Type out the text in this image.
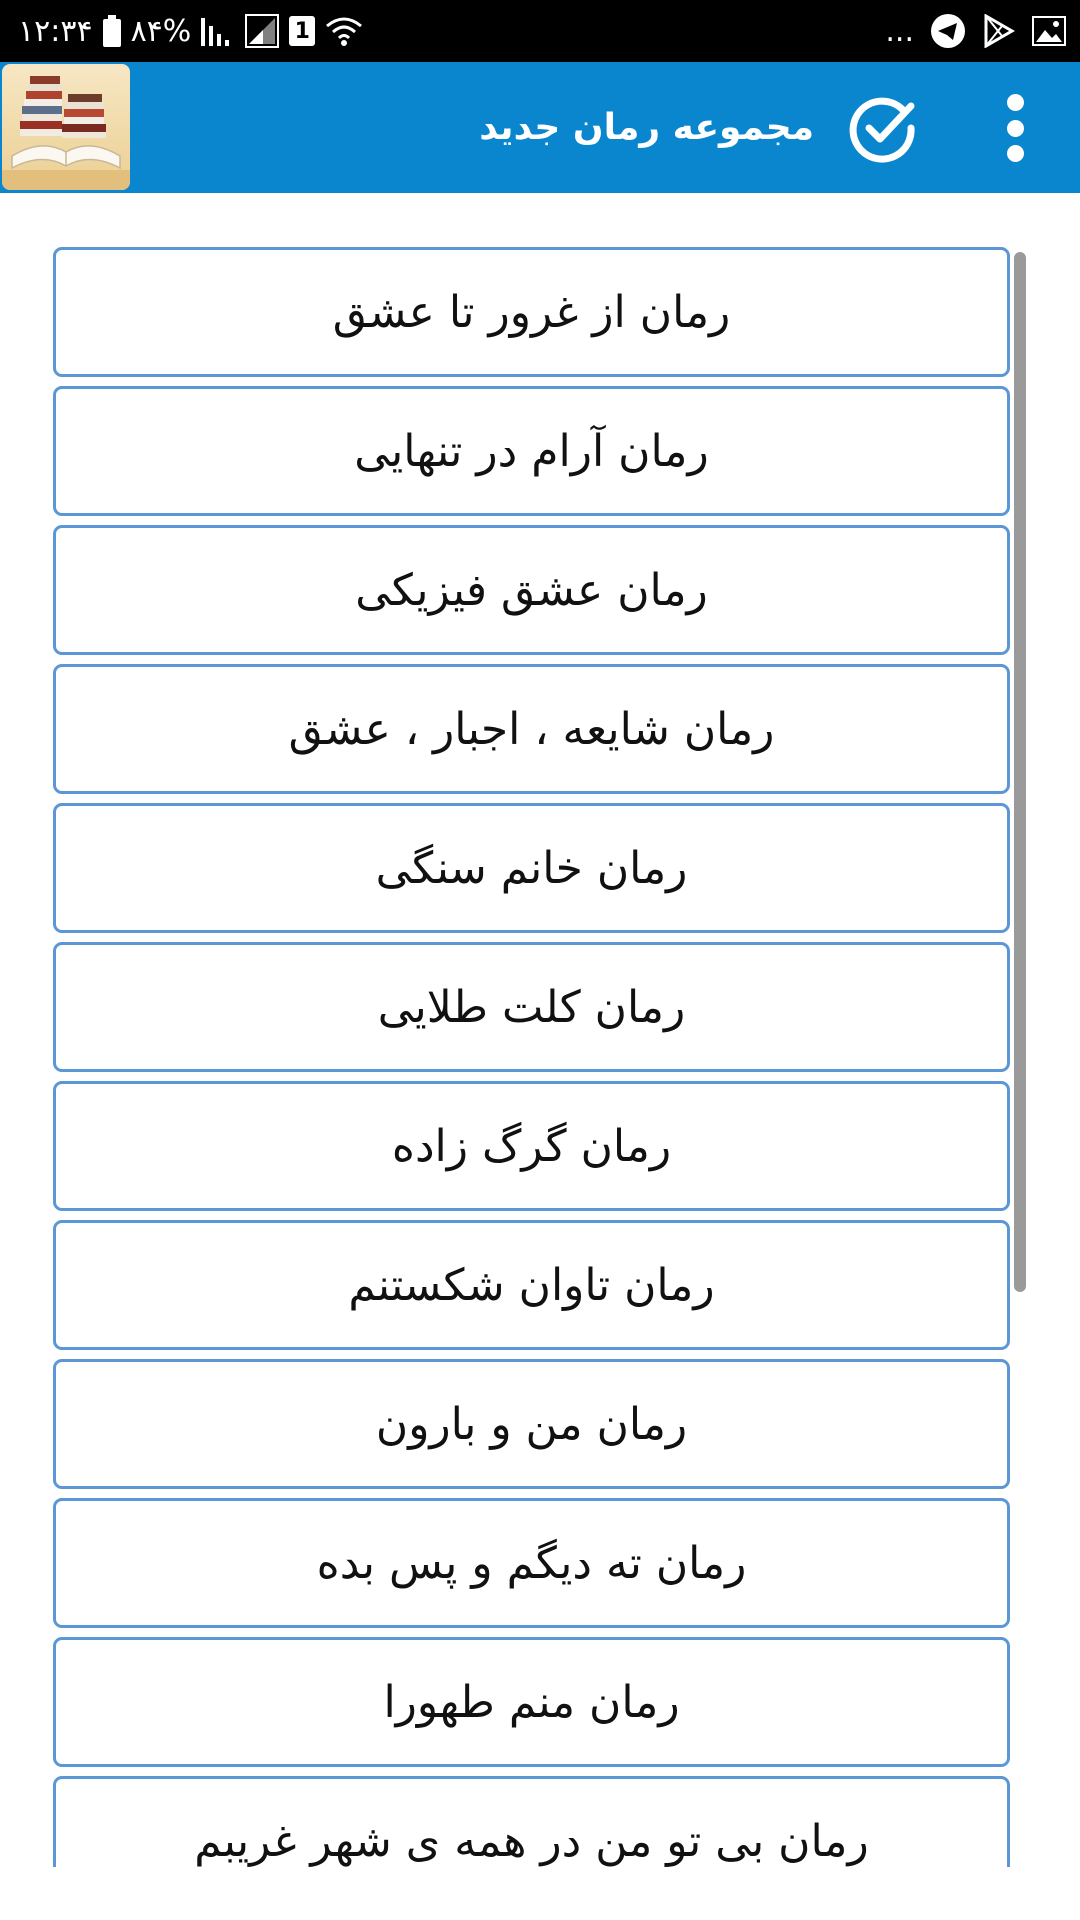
۱۲:۳۴ ۸۴%	1	...
مجموعه رمان جدید
رمان از غرور تا عشق
رمان آرام در تنهایی
رمان عشق فیزیکی
رمان شایعه ، اجبار ، عشق
رمان خانم سنگی
رمان کلت طلایی
رمان گرگ زاده
رمان تاوان شکستنم
رمان من و بارون
رمان ته دیگم و پس بده
رمان منم طهورا
رمان بی تو من در همه ی شهر غریبم
